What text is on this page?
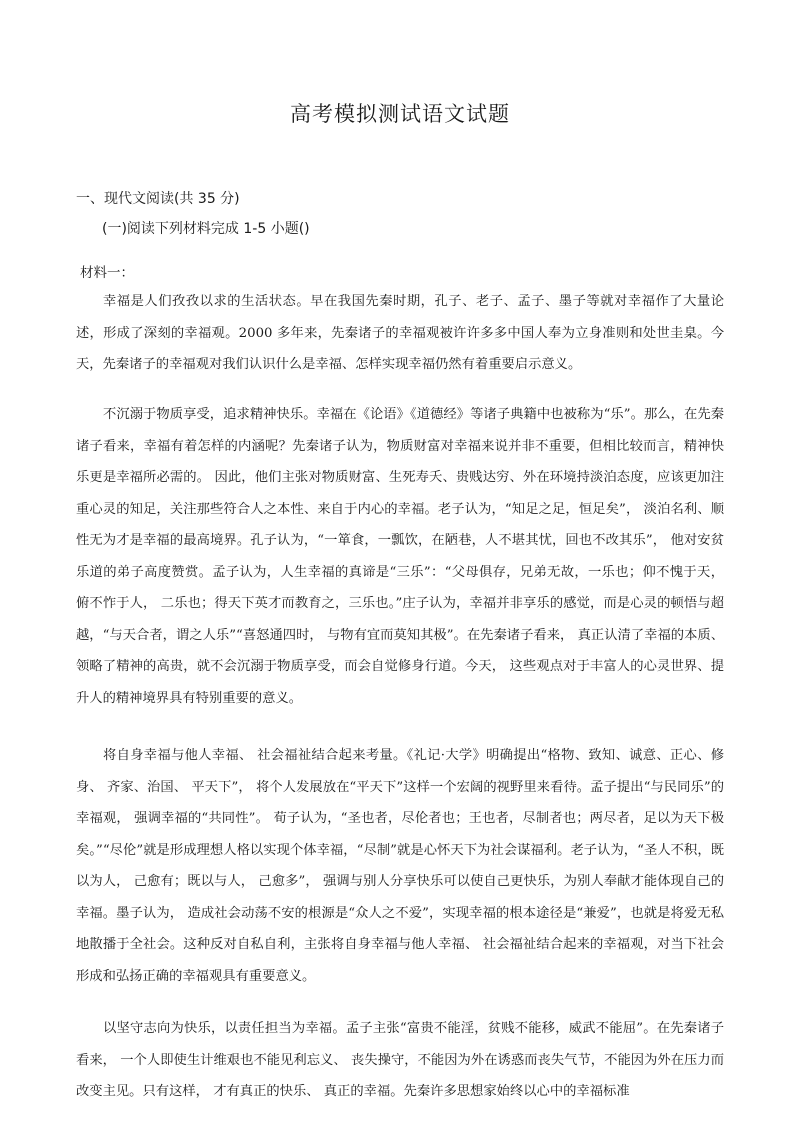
高考模拟测试语文试题
一、现代文阅读(共 35 分)
(一)阅读下列材料完成 1-5 小题()
材料一：

幸福是人们孜孜以求的生活状态。早在我国先秦时期，孔子、老子、孟子、墨子等就对幸福作了大量论述，形成了深刻的幸福观。2000 多年来，先秦诸子的幸福观被许许多多中国人奉为立身准则和处世圭臬。今天，先秦诸子的幸福观对我们认识什么是幸福、怎样实现幸福仍然有着重要启示意义。

不沉溺于物质享受，追求精神快乐。幸福在《论语》《道德经》等诸子典籍中也被称为“乐”。那么，在先秦诸子看来，幸福有着怎样的内涵呢？先秦诸子认为，物质财富对幸福来说并非不重要，但相比较而言，精神快乐更是幸福所必需的。 因此，他们主张对物质财富、生死寿夭、贵贱达穷、外在环境持淡泊态度，应该更加注重心灵的知足，关注那些符合人之本性、来自于内心的幸福。老子认为，“知足之足，恒足矣”， 淡泊名利、顺性无为才是幸福的最高境界。孔子认为，“一箪食，一瓢饮，在陋巷，人不堪其忧，回也不改其乐”， 他对安贫乐道的弟子高度赞赏。孟子认为，人生幸福的真谛是“三乐”：“父母俱存，兄弟无故，一乐也；仰不愧于天， 俯不怍于人， 二乐也；得天下英才而教育之，三乐也。”庄子认为，幸福并非享乐的感觉，而是心灵的顿悟与超越，“与天合者，谓之人乐”“喜怒通四时， 与物有宜而莫知其极”。在先秦诸子看来， 真正认清了幸福的本质、 领略了精神的高贵，就不会沉溺于物质享受，而会自觉修身行道。今天， 这些观点对于丰富人的心灵世界、提升人的精神境界具有特别重要的意义。

将自身幸福与他人幸福、 社会福祉结合起来考量。《礼记·大学》明确提出“格物、致知、诚意、正心、修身、 齐家、治国、 平天下”， 将个人发展放在“平天下”这样一个宏阔的视野里来看待。孟子提出“与民同乐”的幸福观， 强调幸福的“共同性”。 荀子认为，“圣也者，尽伦者也；王也者，尽制者也；两尽者，足以为天下极矣。”“尽伦”就是形成理想人格以实现个体幸福，“尽制”就是心怀天下为社会谋福利。老子认为，“圣人不积，既以为人， 己愈有；既以与人， 己愈多”， 强调与别人分享快乐可以使自己更快乐，为别人奉献才能体现自己的幸福。墨子认为， 造成社会动荡不安的根源是“众人之不爱”，实现幸福的根本途径是“兼爱”，也就是将爱无私地散播于全社会。这种反对自私自利，主张将自身幸福与他人幸福、 社会福祉结合起来的幸福观，对当下社会形成和弘扬正确的幸福观具有重要意义。

以坚守志向为快乐，以责任担当为幸福。孟子主张“富贵不能淫，贫贱不能移，威武不能屈”。在先秦诸子看来， 一个人即使生计维艰也不能见利忘义、 丧失操守，不能因为外在诱惑而丧失气节，不能因为外在压力而改变主见。只有这样， 才有真正的快乐、 真正的幸福。先秦许多思想家始终以心中的幸福标准
